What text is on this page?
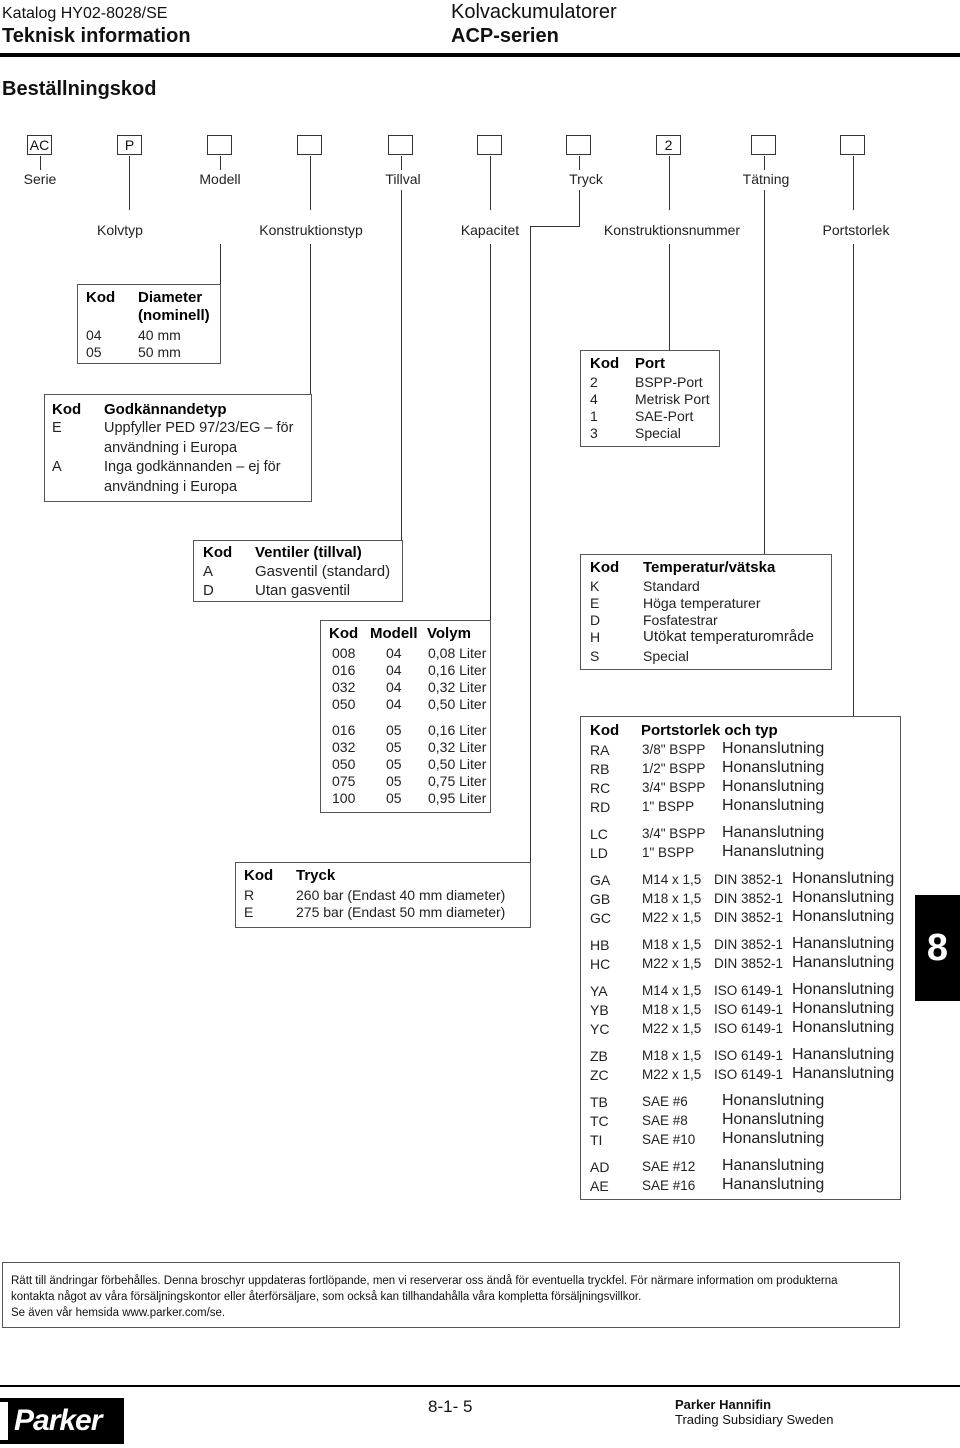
Katalog HY02-8028/SE
Teknisk information
Kolvackumulatorer
ACP-serien
Beställningskod
AC	P	2
Serie	Modell	Tillval	Tryck	Tätning
Kolvtyp	Konstruktionstyp	Kapacitet	Konstruktionsnummer	Portstorlek
Kod Diameter
(nominell)
04	40 mm
05	50 mm
Kod Godkännandetyp
E	Uppfyller PED 97/23/EG – för
användning i Europa
A	Inga godkännanden – ej för
användning i Europa
Kod Port
2	BSPP-Port
4	Metrisk Port
1	SAE-Port
3	Special
Kod Ventiler (tillval)
A	Gasventil (standard)
D	Utan gasventil
Kod Modell Volym
008 04 0,08 Liter
016 04 0,16 Liter
032 04 0,32 Liter
050 04 0,50 Liter
016 05 0,16 Liter
032 05 0,32 Liter
050 05 0,50 Liter
075 05 0,75 Liter
100 05 0,95 Liter
Kod Tryck
R	260 bar (Endast 40 mm diameter)
E	275 bar (Endast 50 mm diameter)
Kod Temperatur/vätska
K	Standard
E	Höga temperaturer
D	Fosfatestrar
H	Utökat temperaturområde
S	Special
Kod Portstorlek och typ
RA 3/8" BSPP Honanslutning
RB 1/2" BSPP Honanslutning
RC 3/4" BSPP Honanslutning
RD 1" BSPP Honanslutning
LC	3/4" BSPP Hananslutning
LD	1" BSPP Hananslutning
GA M14 x 1,5 DIN 3852-1 Honanslutning
GB M18 x 1,5 DIN 3852-1 Honanslutning
GC M22 x 1,5 DIN 3852-1 Honanslutning
HB M18 x 1,5 DIN 3852-1 Hananslutning
HC M22 x 1,5 DIN 3852-1 Hananslutning
YA	M14 x 1,5 ISO 6149-1 Honanslutning
YB M18 x 1,5 ISO 6149-1 Honanslutning
YC M22 x 1,5 ISO 6149-1 Honanslutning
ZB	M18 x 1,5 ISO 6149-1 Hananslutning
ZC M22 x 1,5 ISO 6149-1 Hananslutning
TB	SAE #6 Honanslutning
TC SAE #8 Honanslutning
TI	SAE #10 Honanslutning
AD SAE #12 Hananslutning
AE SAE #16 Hananslutning
8
Rätt till ändringar förbehålles. Denna broschyr uppdateras fortlöpande, men vi reserverar oss ändå för eventuella tryckfel. För närmare information om produkterna
kontakta något av våra försäljningskontor eller återförsäljare, som också kan tillhandahålla våra kompletta försäljningsvillkor.
Se även vår hemsida www.parker.com/se.
Parker	8-1- 5	Parker Hannifin
Trading Subsidiary Sweden
